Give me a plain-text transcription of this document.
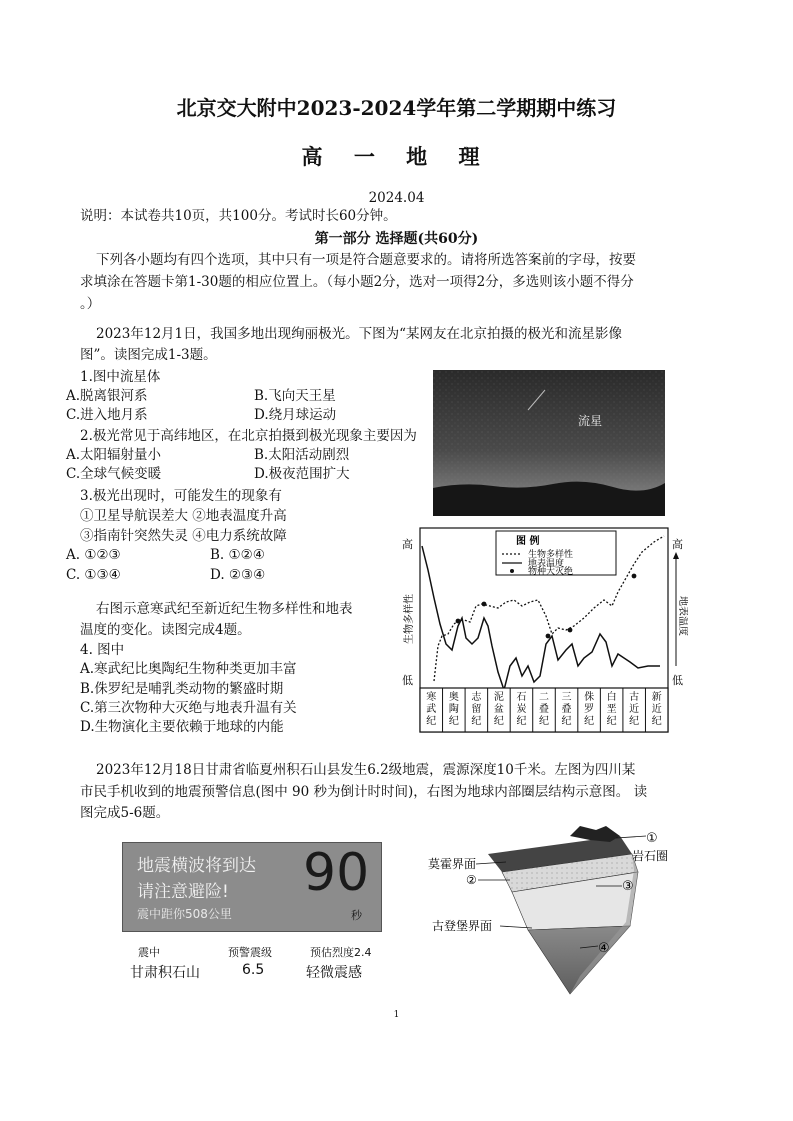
北京交大附中2023-2024学年第二学期期中练习
高 一 地 理
2024.04
说明：本试卷共10页，共100分。考试时长60分钟。
第一部分 选择题(共60分)
下列各小题均有四个选项，其中只有一项是符合题意要求的。请将所选答案前的字母，按要
求填涂在答题卡第1-30题的相应位置上。（每小题2分，选对一项得2分，多选则该小题不得分
。）
2023年12月1日，我国多地出现绚丽极光。下图为“某网友在北京拍摄的极光和流星影像
图”。读图完成1-3题。
1.图中流星体
A.脱离银河系	B.飞向天王星
C.进入地月系	D.绕月球运动
2.极光常见于高纬地区，在北京拍摄到极光现象主要因为
A.太阳辐射量小	B.太阳活动剧烈
C.全球气候变暖	D.极夜范围扩大
3.极光出现时，可能发生的现象有
①卫星导航误差大 ②地表温度升高
③指南针突然失灵 ④电力系统故障
A. ①②③	B. ①②④
C. ①③④	D. ②③④
流星
右图示意寒武纪至新近纪生物多样性和地表
温度的变化。读图完成4题。
4. 图中
A.寒武纪比奥陶纪生物种类更加丰富
B.侏罗纪是哺乳类动物的繁盛时期
C.第三次物种大灭绝与地表升温有关
D.生物演化主要依赖于地球的内能
高
低
生物多样性
高
低
地表温度
图 例
生物多样性
地表温度
物种大灭绝
寒武纪
奥陶纪
志留纪
泥盆纪
石炭纪
二叠纪
三叠纪
侏罗纪
白垩纪
古近纪
新近纪
2023年12月18日甘肃省临夏州积石山县发生6.2级地震，震源深度10千米。左图为四川某
市民手机收到的地震预警信息(图中 90 秒为倒计时时间)，右图为地球内部圈层结构示意图。 读
图完成5-6题。
地震横波将到达
请注意避险!
震中距你508公里
90
秒
震中	预警震级	预估烈度2.4
甘肃积石山	6.5	轻微震感
莫霍界面
②
古登堡界面
①
岩石圈
③
④
1
